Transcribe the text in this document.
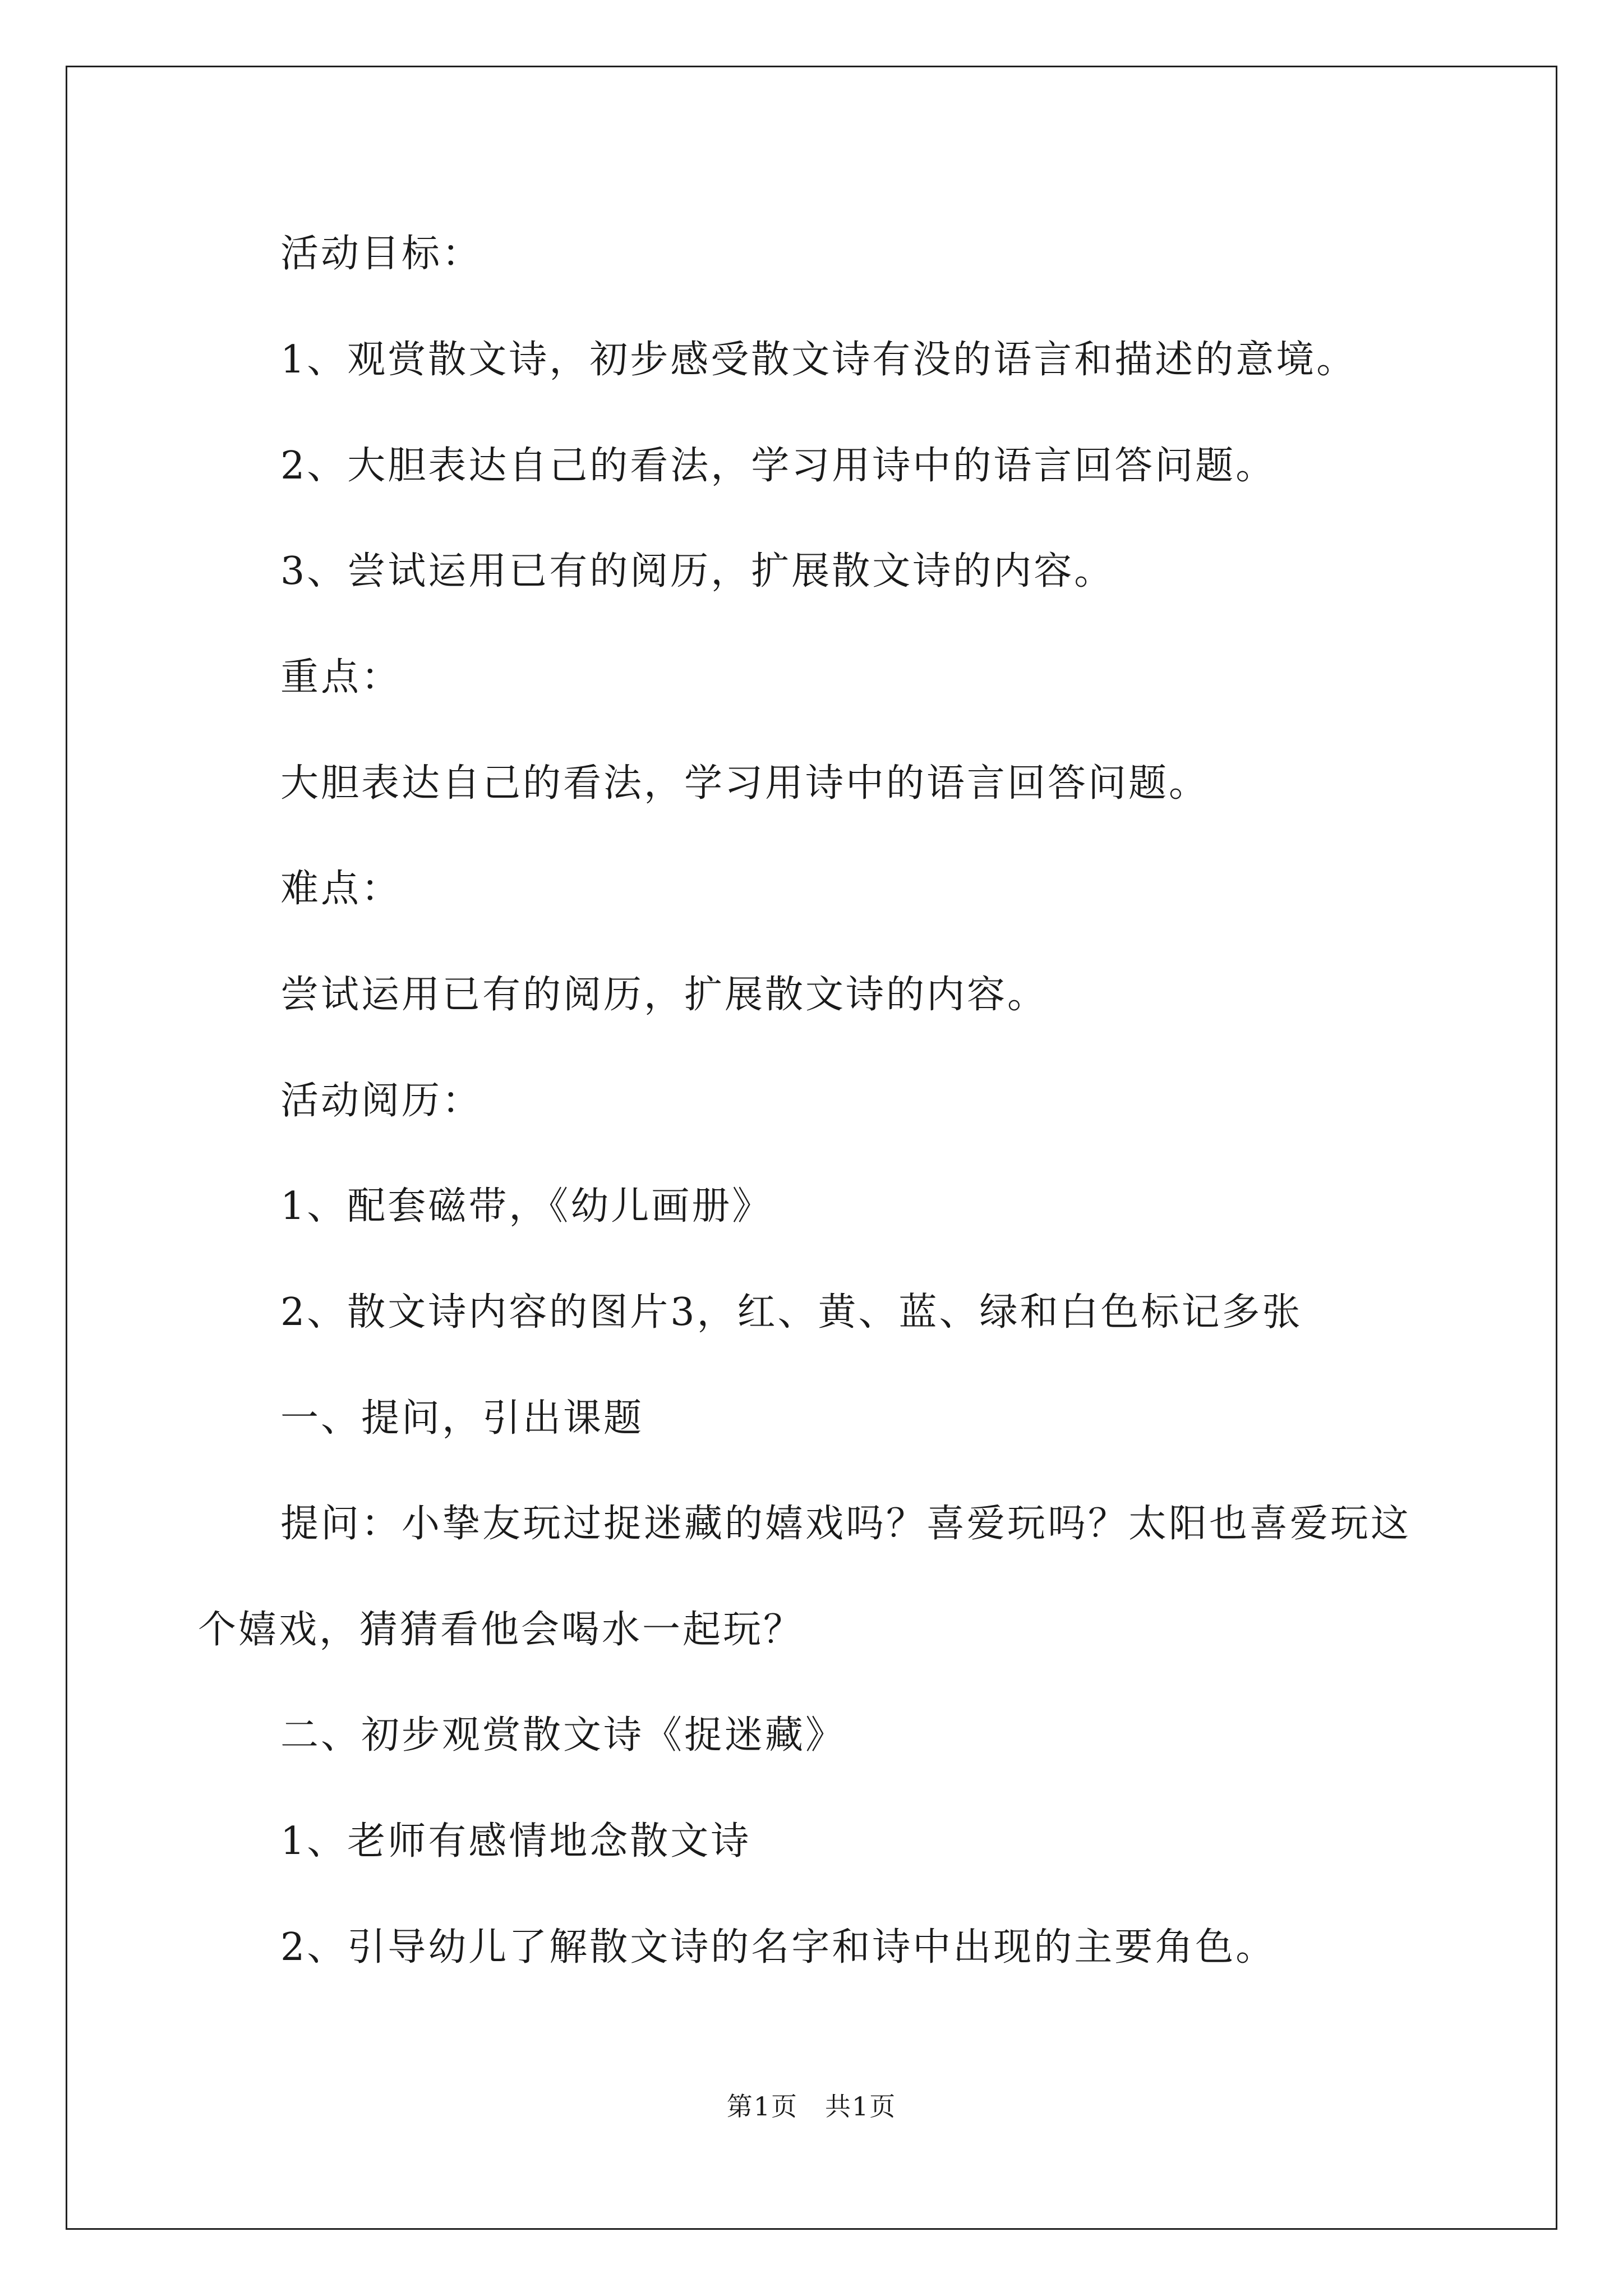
活动目标：
1、观赏散文诗，初步感受散文诗有没的语言和描述的意境。
2、大胆表达自己的看法，学习用诗中的语言回答问题。
3、尝试运用已有的阅历，扩展散文诗的内容。
重点：
大胆表达自己的看法，学习用诗中的语言回答问题。
难点：
尝试运用已有的阅历，扩展散文诗的内容。
活动阅历：
1、配套磁带，《幼儿画册》
2、散文诗内容的图片3，红、黄、蓝、绿和白色标记多张
一、提问，引出课题
提问：小挚友玩过捉迷藏的嬉戏吗？喜爱玩吗？太阳也喜爱玩这
个嬉戏，猜猜看他会喝水一起玩？
二、初步观赏散文诗《捉迷藏》
1、老师有感情地念散文诗
2、引导幼儿了解散文诗的名字和诗中出现的主要角色。
第1页　共1页
